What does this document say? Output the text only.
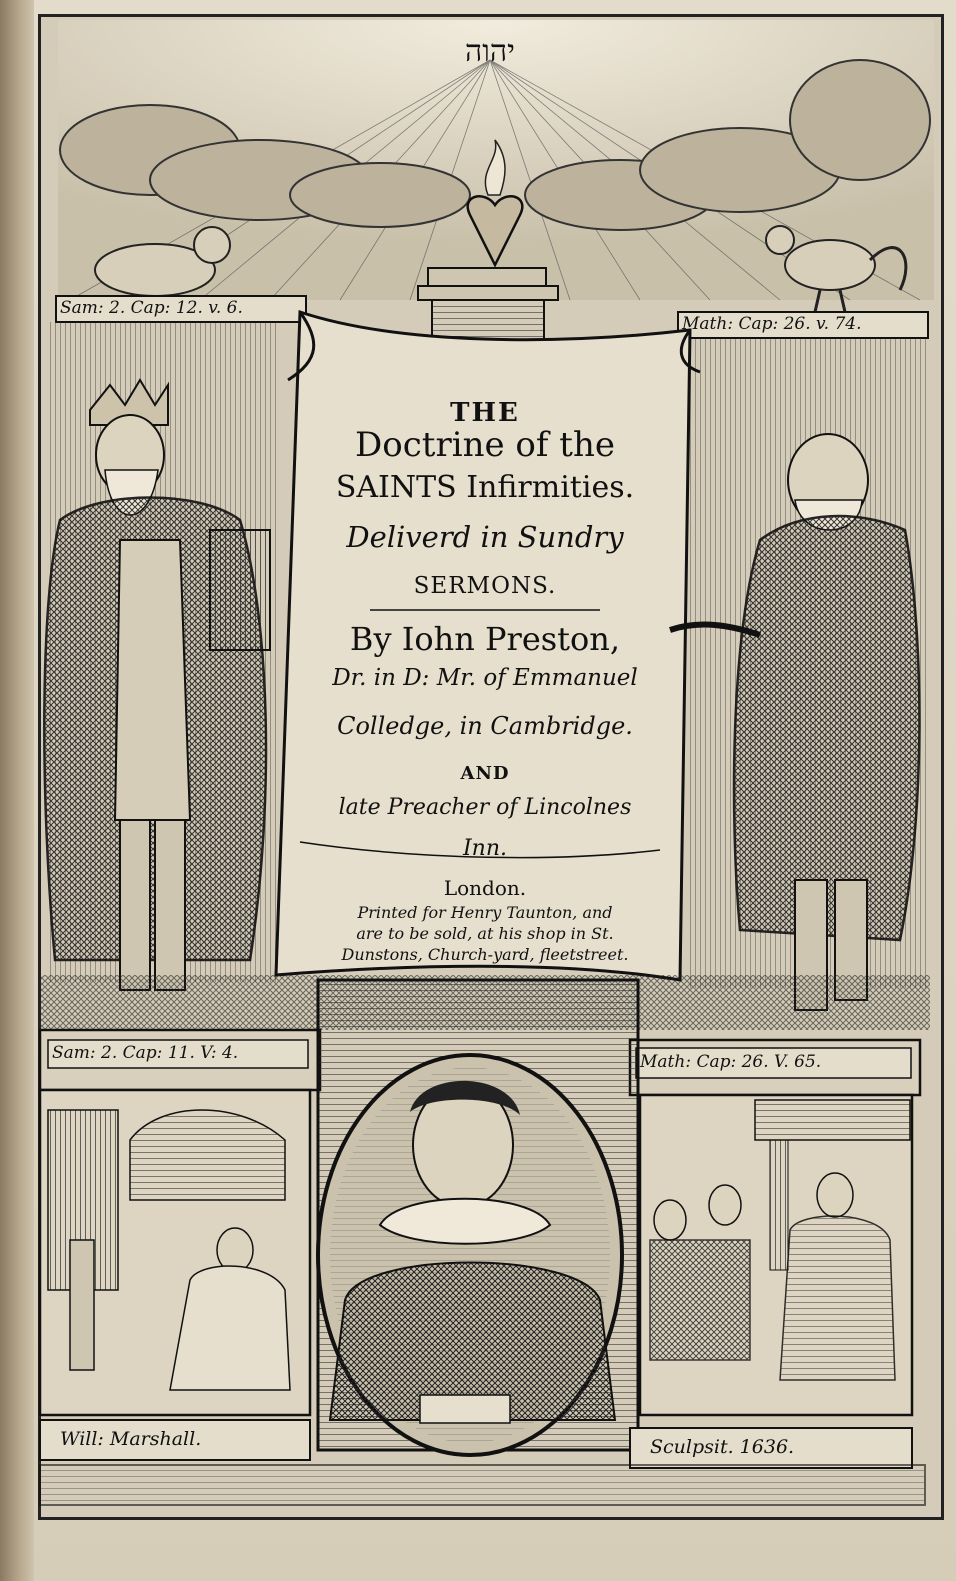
יהוה
Sam: 2. Cap: 12. v. 6.
Math: Cap: 26. v. 74.
Sam: 2. Cap: 11. V: 4.	Math: Cap: 26. V. 65.
THE
Doctrine of the
SAINTS Infirmities.
Deliverd in Sundry
SERMONS.
By Iohn Preston,
Dr. in D: Mr. of Emmanuel
Colledge, in Cambridge.
AND
late Preacher of Lincolnes
Inn.
London.
Printed for Henry Taunton, and
are to be sold, at his shop in St.
Dunstons, Church-yard, fleetstreet.
Will: Marshall.	Sculpsit. 1636.
